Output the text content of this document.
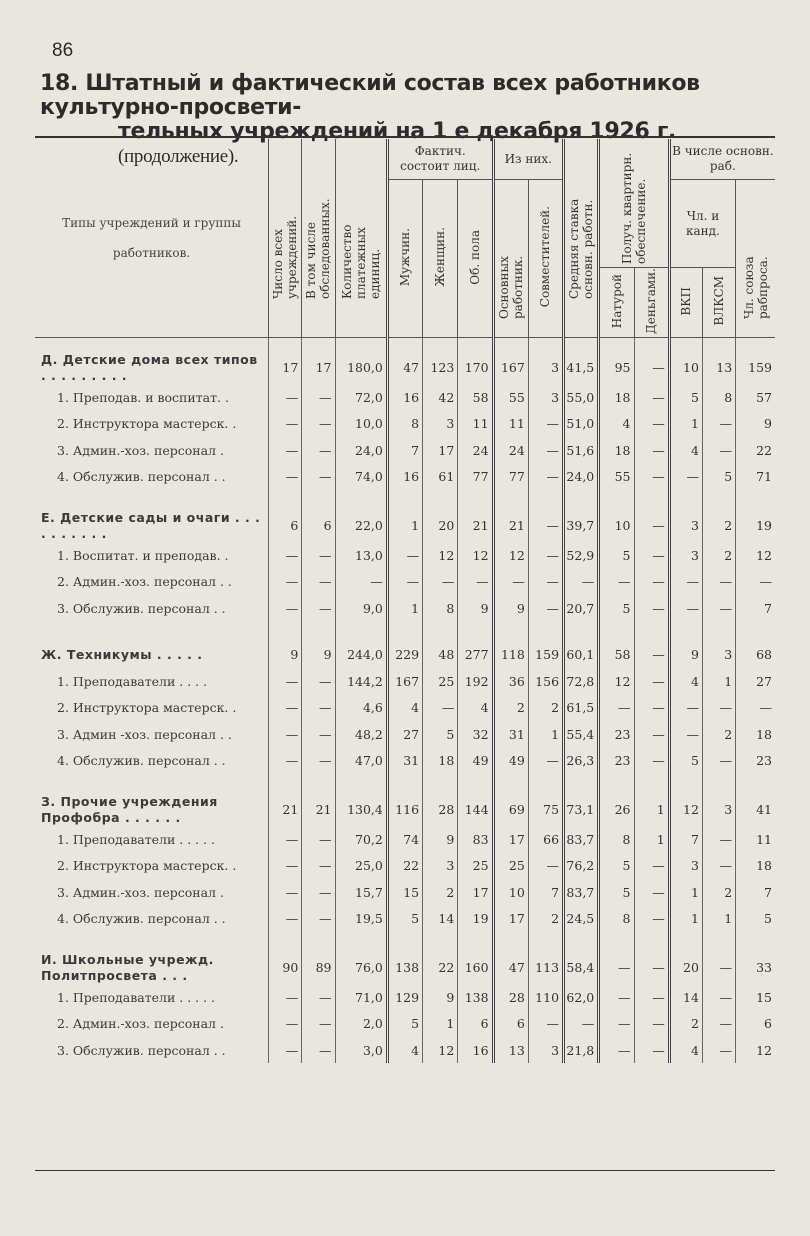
86
18. Штатный и фактический состав всех работников культурно-просвети-
тельных учреждений на 1 е декабря 1926 г. (продолжение).
Типы учреждений и группы работников.	Число всех учреждений.	В том числе обследованных.	Количество платежных единиц.	Фактич. состоит лиц.			Из них.		Средняя ставка основн. работн.	Получ. квартирн. обеспечение.		В числе основн. раб.		

				Мужчин.	Женщин.	Об. пола	Основных работник.	Совместителей.				Чл. и канд.		Чл. союза рабпроса.
										Натурой	Деньгами.	ВКП	ВЛКСМ	

Д. Детские дома всех типов . . . . . . . . .	17	17	180,0	47	123	170	167	3	41,5	95	—	10	13	159
1. Преподав. и воспитат. .	—	—	72,0	16	42	58	55	3	55,0	18	—	5	8	57
2. Инструктора мастерск. .	—	—	10,0	8	3	11	11	—	51,0	4	—	1	—	9
3. Админ.-хоз. персонал .	—	—	24,0	7	17	24	24	—	51,6	18	—	4	—	22
4. Обслужив. персонал . .	—	—	74,0	16	61	77	77	—	24,0	55	—	—	5	71

Е. Детские сады и очаги . . . . . . . . . .	6	6	22,0	1	20	21	21	—	39,7	10	—	3	2	19
1. Воспитат. и преподав. .	—	—	13,0	—	12	12	12	—	52,9	5	—	3	2	12
2. Админ.-хоз. персонал . .	—	—	—	—	—	—	—	—	—	—	—	—	—	—
3. Обслужив. персонал . .	—	—	9,0	1	8	9	9	—	20,7	5	—	—	—	7

Ж. Техникумы . . . . .	9	9	244,0	229	48	277	118	159	60,1	58	—	9	3	68
1. Преподаватели . . . .	—	—	144,2	167	25	192	36	156	72,8	12	—	4	1	27
2. Инструктора мастерск. .	—	—	4,6	4	—	4	2	2	61,5	—	—	—	—	—
3. Админ -хоз. персонал . .	—	—	48,2	27	5	32	31	1	55,4	23	—	—	2	18
4. Обслужив. персонал . .	—	—	47,0	31	18	49	49	—	26,3	23	—	5	—	23

З. Прочие учреждения Профобра . . . . . .	21	21	130,4	116	28	144	69	75	73,1	26	1	12	3	41
1. Преподаватели . . . . .	—	—	70,2	74	9	83	17	66	83,7	8	1	7	—	11
2. Инструктора мастерск. .	—	—	25,0	22	3	25	25	—	76,2	5	—	3	—	18
3. Админ.-хоз. персонал .	—	—	15,7	15	2	17	10	7	83,7	5	—	1	2	7
4. Обслужив. персонал . .	—	—	19,5	5	14	19	17	2	24,5	8	—	1	1	5

И. Школьные учрежд. Политпросвета . . .	90	89	76,0	138	22	160	47	113	58,4	—	—	20	—	33
1. Преподаватели . . . . .	—	—	71,0	129	9	138	28	110	62,0	—	—	14	—	15
2. Админ.-хоз. персонал .	—	—	2,0	5	1	6	6	—	—	—	—	2	—	6
3. Обслужив. персонал . .	—	—	3,0	4	12	16	13	3	21,8	—	—	4	—	12
